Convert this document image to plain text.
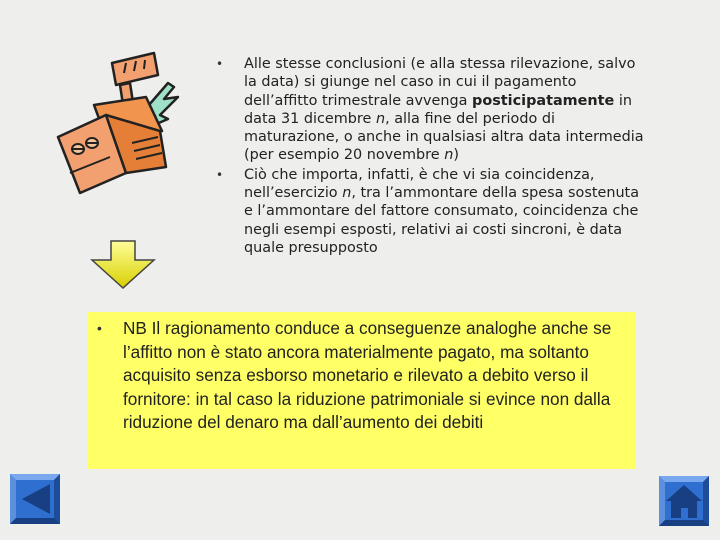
• Alle stesse conclusioni (e alla stessa rilevazione, salvo la data) si giunge nel caso in cui il pagamento dell’affitto trimestrale avvenga posticipatamente in data 31 dicembre n, alla fine del periodo di maturazione, o anche in qualsiasi altra data intermedia (per esempio 20 novembre n)
• Ciò che importa, infatti, è che vi sia coincidenza, nell’esercizio n, tra l’ammontare della spesa sostenuta e l’ammontare del fattore consumato, coincidenza che negli esempi esposti, relativi ai costi sincroni, è data quale presupposto
• NB Il ragionamento conduce a conseguenze analoghe anche se l’affitto non è stato ancora materialmente pagato, ma soltanto acquisito senza esborso monetario e rilevato a debito verso il fornitore: in tal caso la riduzione patrimoniale si evince non dalla riduzione del denaro ma dall’aumento dei debiti
